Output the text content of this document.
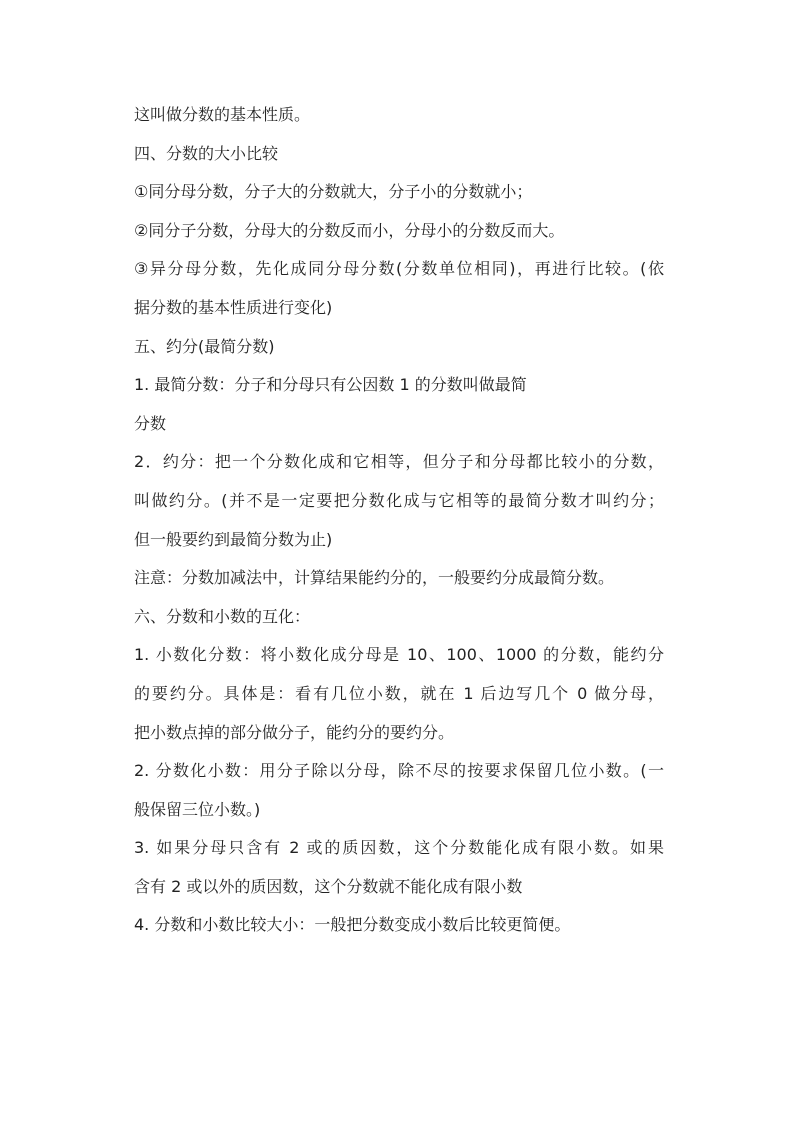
这叫做分数的基本性质。
四、分数的大小比较
①同分母分数，分子大的分数就大，分子小的分数就小；
②同分子分数，分母大的分数反而小，分母小的分数反而大。
③异分母分数，先化成同分母分数(分数单位相同)，再进行比较。(依
据分数的基本性质进行变化)
五、约分(最简分数)
1. 最简分数：分子和分母只有公因数 1 的分数叫做最简
分数
2．约分：把一个分数化成和它相等，但分子和分母都比较小的分数，
叫做约分。(并不是一定要把分数化成与它相等的最简分数才叫约分；
但一般要约到最简分数为止)
注意：分数加减法中，计算结果能约分的，一般要约分成最简分数。
六、分数和小数的互化：
1. 小数化分数：将小数化成分母是 10、100、1000 的分数，能约分
的要约分。具体是：看有几位小数，就在 1 后边写几个 0 做分母，
把小数点掉的部分做分子，能约分的要约分。
2. 分数化小数：用分子除以分母，除不尽的按要求保留几位小数。(一
般保留三位小数。)
3. 如果分母只含有 2 或的质因数，这个分数能化成有限小数。如果
含有 2 或以外的质因数，这个分数就不能化成有限小数
4. 分数和小数比较大小：一般把分数变成小数后比较更简便。
